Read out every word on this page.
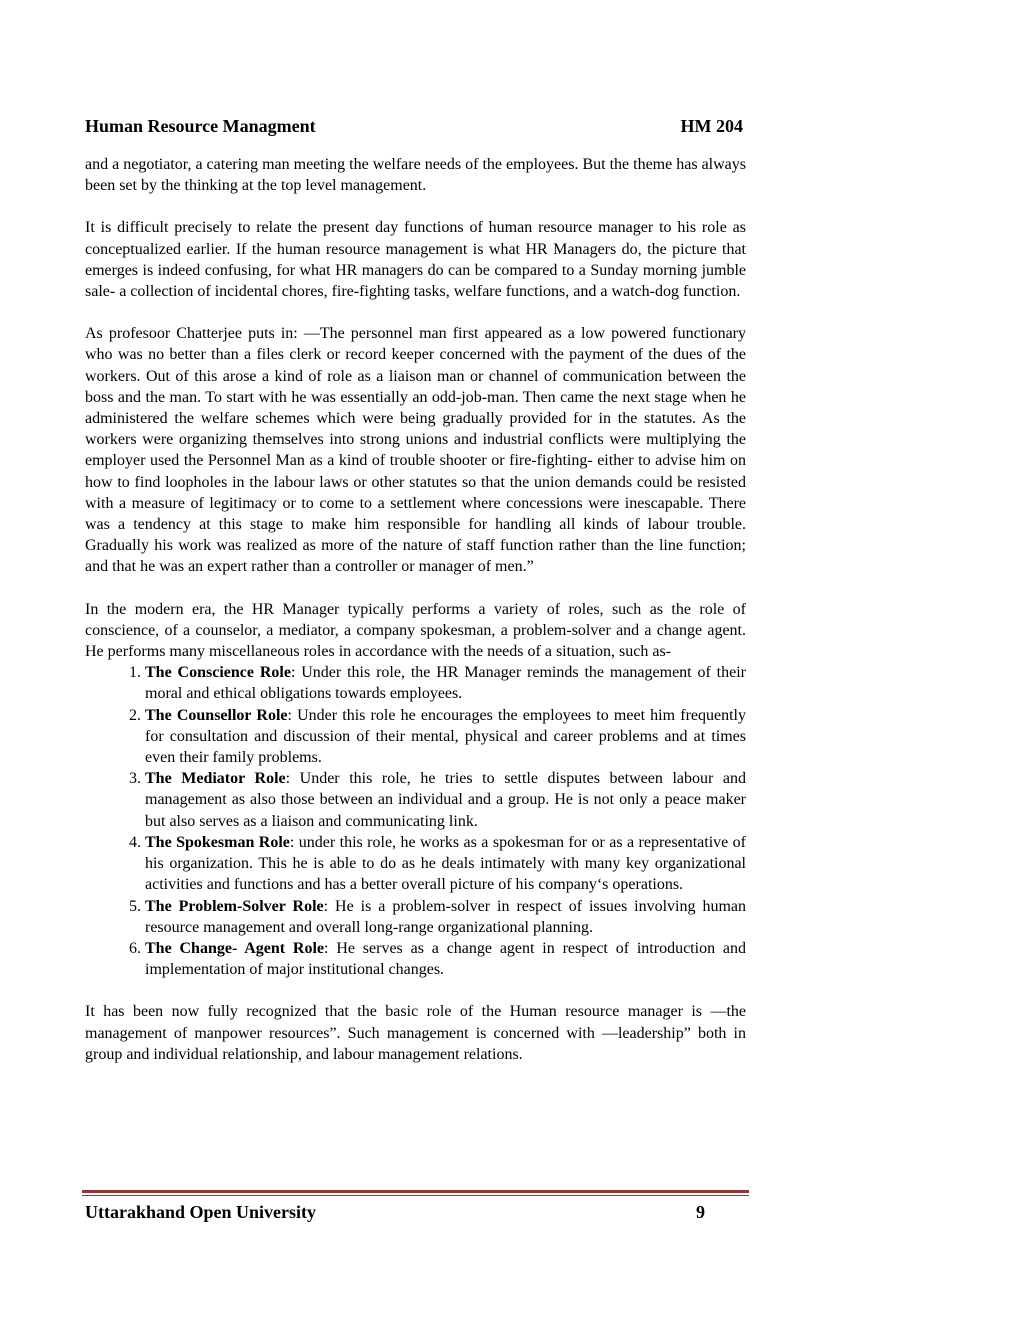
Human Resource Managment	HM 204

and a negotiator, a catering man meeting the welfare needs of the employees. But the theme has always been set by the thinking at the top level management.

It is difficult precisely to relate the present day functions of human resource manager to his role as conceptualized earlier. If the human resource management is what HR Managers do, the picture that emerges is indeed confusing, for what HR managers do can be compared to a Sunday morning jumble sale- a collection of incidental chores, fire-fighting tasks, welfare functions, and a watch-dog function.

As profesoor Chatterjee puts in: ―The personnel man first appeared as a low powered functionary who was no better than a files clerk or record keeper concerned with the payment of the dues of the workers. Out of this arose a kind of role as a liaison man or channel of communication between the boss and the man. To start with he was essentially an odd-job-man. Then came the next stage when he administered the welfare schemes which were being gradually provided for in the statutes. As the workers were organizing themselves into strong unions and industrial conflicts were multiplying the employer used the Personnel Man as a kind of trouble shooter or fire-fighting- either to advise him on how to find loopholes in the labour laws or other statutes so that the union demands could be resisted with a measure of legitimacy or to come to a settlement where concessions were inescapable. There was a tendency at this stage to make him responsible for handling all kinds of labour trouble. Gradually his work was realized as more of the nature of staff function rather than the line function; and that he was an expert rather than a controller or manager of men.”

In the modern era, the HR Manager typically performs a variety of roles, such as the role of conscience, of a counselor, a mediator, a company spokesman, a problem-solver and a change agent. He performs many miscellaneous roles in accordance with the needs of a situation, such as-

1. The Conscience Role: Under this role, the HR Manager reminds the management of their moral and ethical obligations towards employees.
2. The Counsellor Role: Under this role he encourages the employees to meet him frequently for consultation and discussion of their mental, physical and career problems and at times even their family problems.
3. The Mediator Role: Under this role, he tries to settle disputes between labour and management as also those between an individual and a group. He is not only a peace maker but also serves as a liaison and communicating link.
4. The Spokesman Role: under this role, he works as a spokesman for or as a representative of his organization. This he is able to do as he deals intimately with many key organizational activities and functions and has a better overall picture of his company‘s operations.
5. The Problem-Solver Role: He is a problem-solver in respect of issues involving human resource management and overall long-range organizational planning.
6. The Change- Agent Role: He serves as a change agent in respect of introduction and implementation of major institutional changes.

It has been now fully recognized that the basic role of the Human resource manager is ―the management of manpower resources”. Such management is concerned with ―leadership” both in group and individual relationship, and labour management relations.

Uttarakhand Open University	9
